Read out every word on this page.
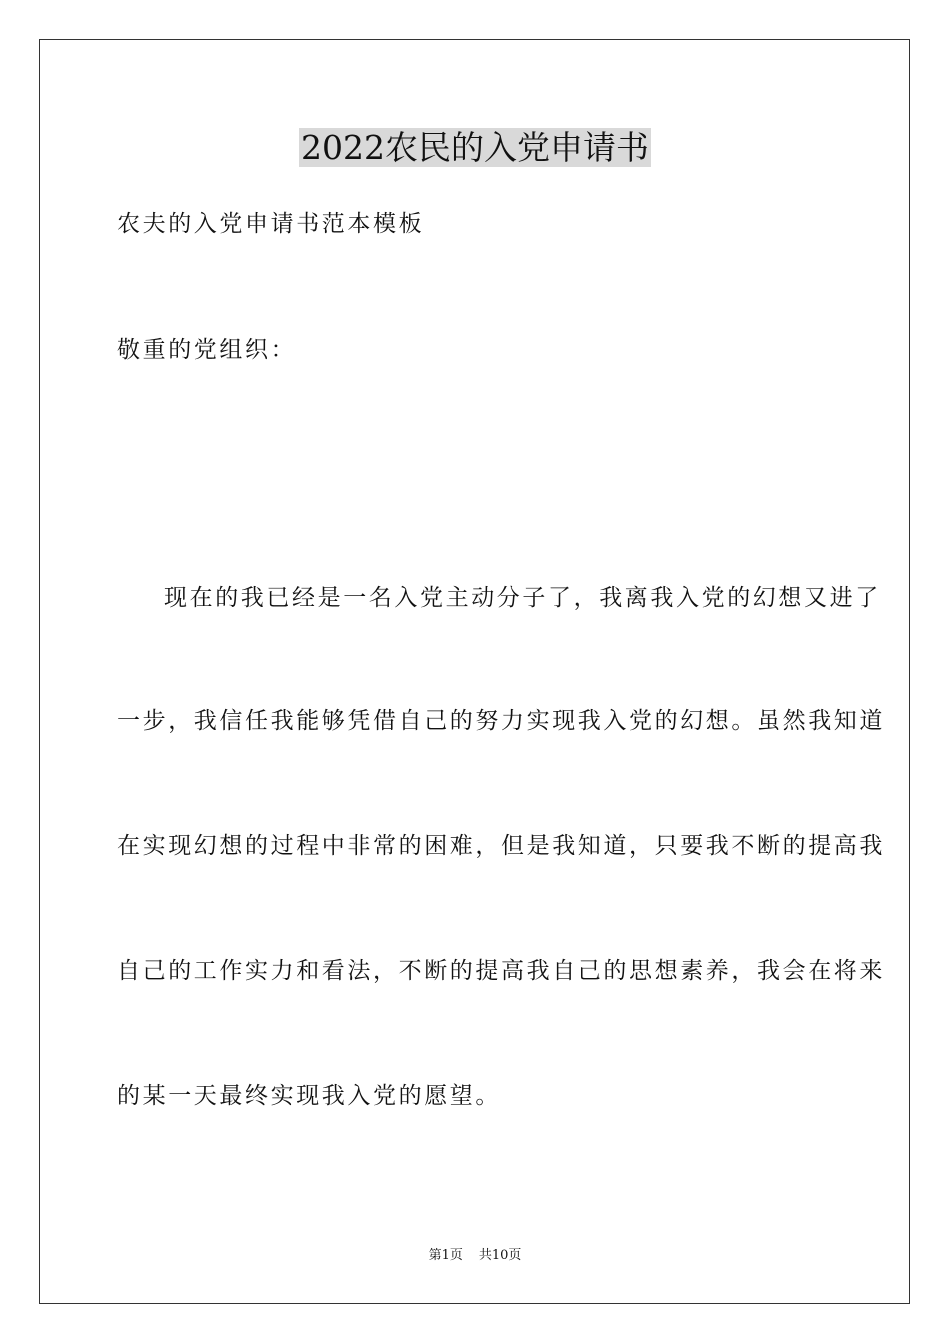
2022农民的入党申请书
农夫的入党申请书范本模板
敬重的党组织：
现在的我已经是一名入党主动分子了，我离我入党的幻想又进了
一步，我信任我能够凭借自己的努力实现我入党的幻想。虽然我知道
在实现幻想的过程中非常的困难，但是我知道，只要我不断的提高我
自己的工作实力和看法，不断的提高我自己的思想素养，我会在将来
的某一天最终实现我入党的愿望。
第1页 共10页
